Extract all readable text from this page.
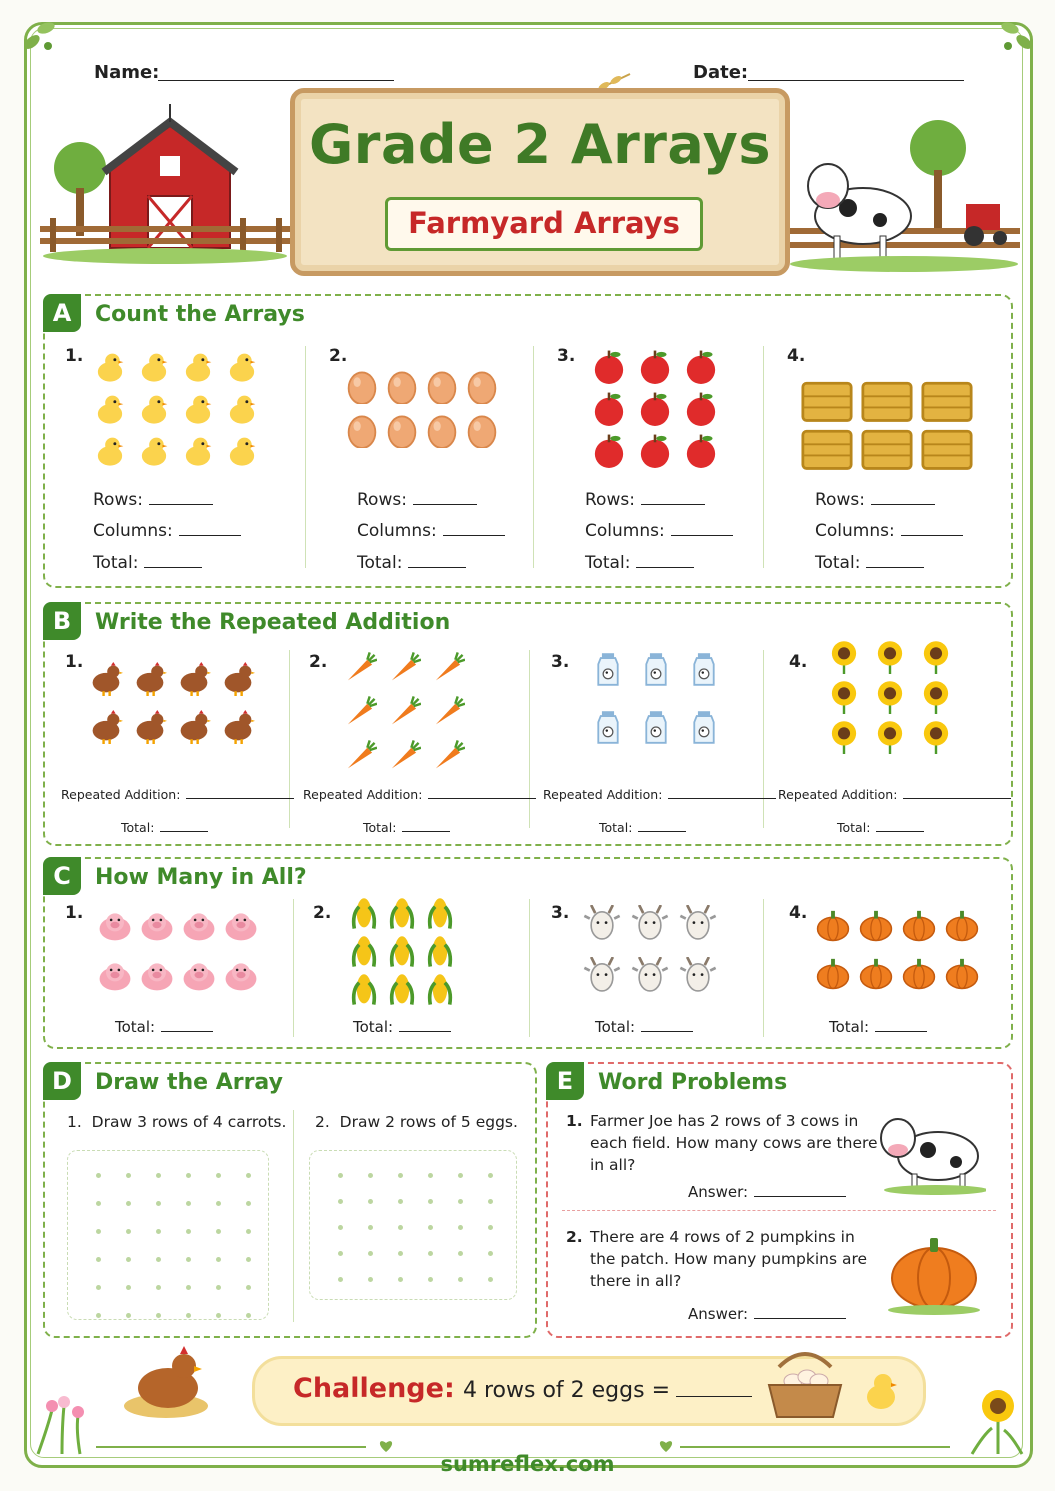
Name:	Date:
Grade 2 Arrays
Farmyard Arrays
A	Count the Arrays
1.
Rows:
Columns:
Total:
2.
Rows:
Columns:
Total:
3.
Rows:
Columns:
Total:
4.
Rows:
Columns:
Total:
B	Write the Repeated Addition
1.
Repeated Addition:
Total:
2.
Repeated Addition:
Total:
3.
Repeated Addition:
Total:
4.
Repeated Addition:
Total:
C	How Many in All?
1.
Total:
2.
Total:
3.
Total:
4.
Total:
D	Draw the Array
1. Draw 3 rows of 4 carrots. 2. Draw 2 rows of 5 eggs.
E	Word Problems
1. Farmer Joe has 2 rows of 3 cows in
each field. How many cows are there
in all?
Answer:
2. There are 4 rows of 2 pumpkins in
the patch. How many pumpkins are
there in all?
Answer:
Challenge: 4 rows of 2 eggs =
sumreflex.com
